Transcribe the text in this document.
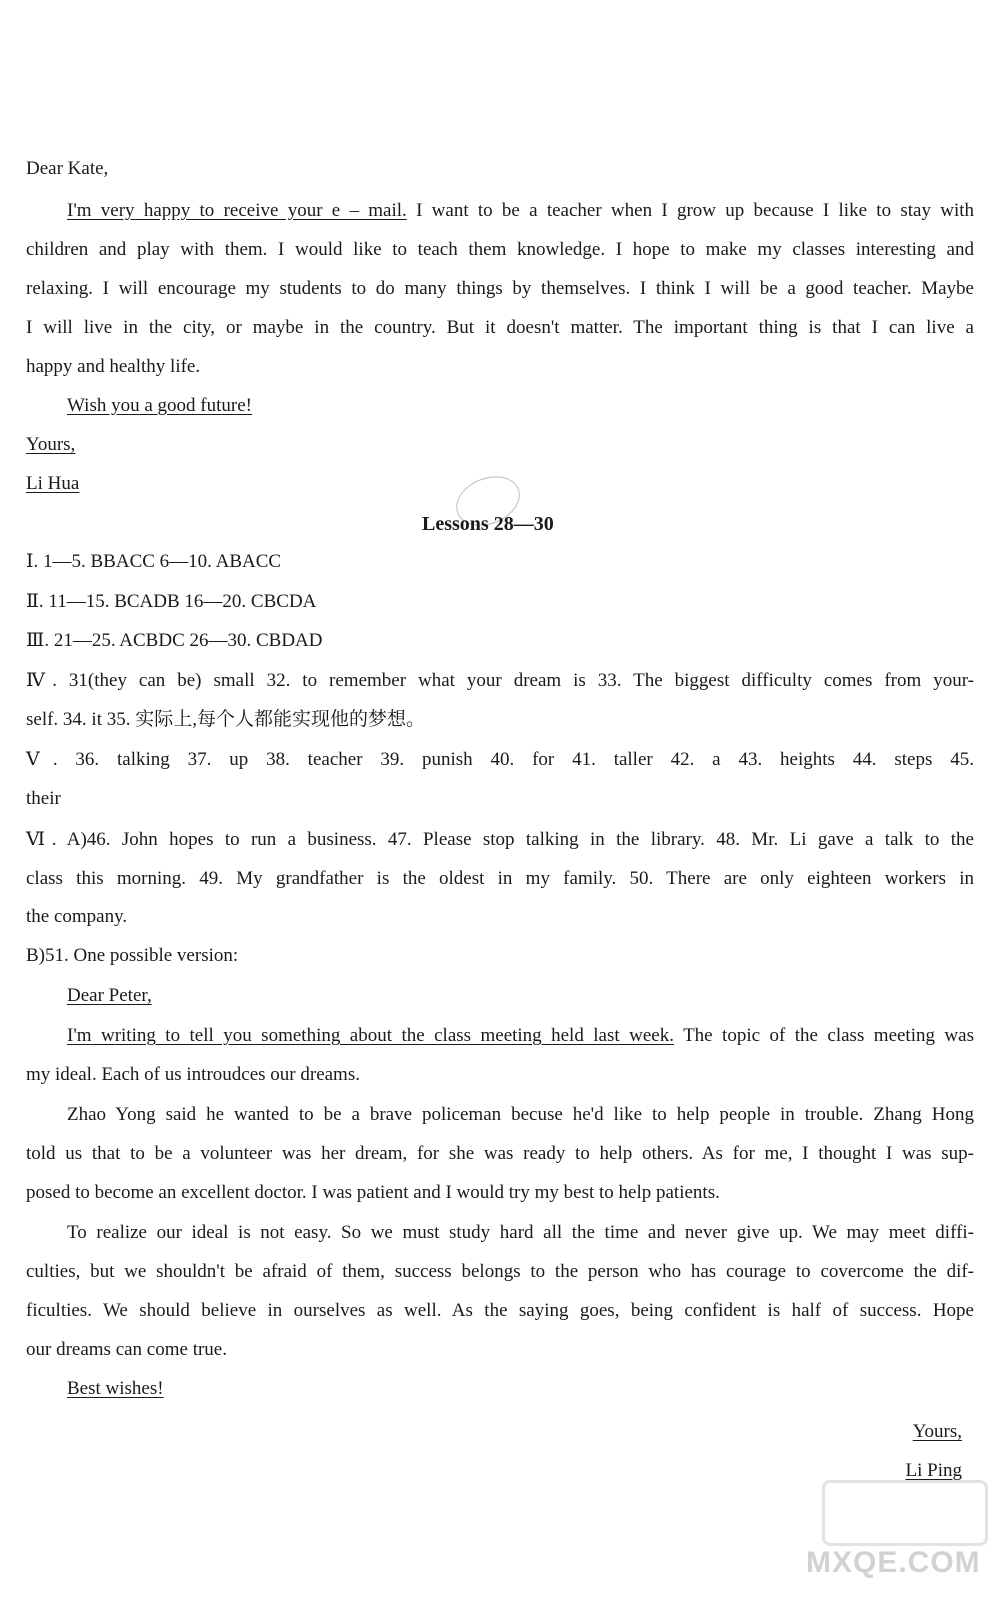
Dear Kate,
I'm very happy to receive your e – mail. I want to be a teacher when I grow up because I like to stay with
children and play with them. I would like to teach them knowledge. I hope to make my classes interesting and
relaxing. I will encourage my students to do many things by themselves. I think I will be a good teacher. Maybe
I will live in the city, or maybe in the country. But it doesn't matter. The important thing is that I can live a
happy and healthy life.
Wish you a good future!
Yours,
Li Hua
Lessons 28—30
Ⅰ. 1—5. BBACC 6—10. ABACC
Ⅱ. 11—15. BCADB 16—20. CBCDA
Ⅲ. 21—25. ACBDC 26—30. CBDAD
Ⅳ. 31(they can be) small 32. to remember what your dream is 33. The biggest difficulty comes from your-
self. 34. it 35. 实际上,每个人都能实现他的梦想。
Ⅴ. 36. talking 37. up 38. teacher 39. punish 40. for 41. taller 42. a 43. heights 44. steps 45.
their
Ⅵ. A)46. John hopes to run a business. 47. Please stop talking in the library. 48. Mr. Li gave a talk to the
class this morning. 49. My grandfather is the oldest in my family. 50. There are only eighteen workers in
the company.
B)51. One possible version:
Dear Peter,
I'm writing to tell you something about the class meeting held last week. The topic of the class meeting was
my ideal. Each of us introudces our dreams.
Zhao Yong said he wanted to be a brave policeman becuse he'd like to help people in trouble. Zhang Hong
told us that to be a volunteer was her dream, for she was ready to help others. As for me, I thought I was sup-
posed to become an excellent doctor. I was patient and I would try my best to help patients.
To realize our ideal is not easy. So we must study hard all the time and never give up. We may meet diffi-
culties, but we shouldn't be afraid of them, success belongs to the person who has courage to covercome the dif-
ficulties. We should believe in ourselves as well. As the saying goes, being confident is half of success. Hope
our dreams can come true.
Best wishes!
Yours,
Li Ping
MXQE.COM
